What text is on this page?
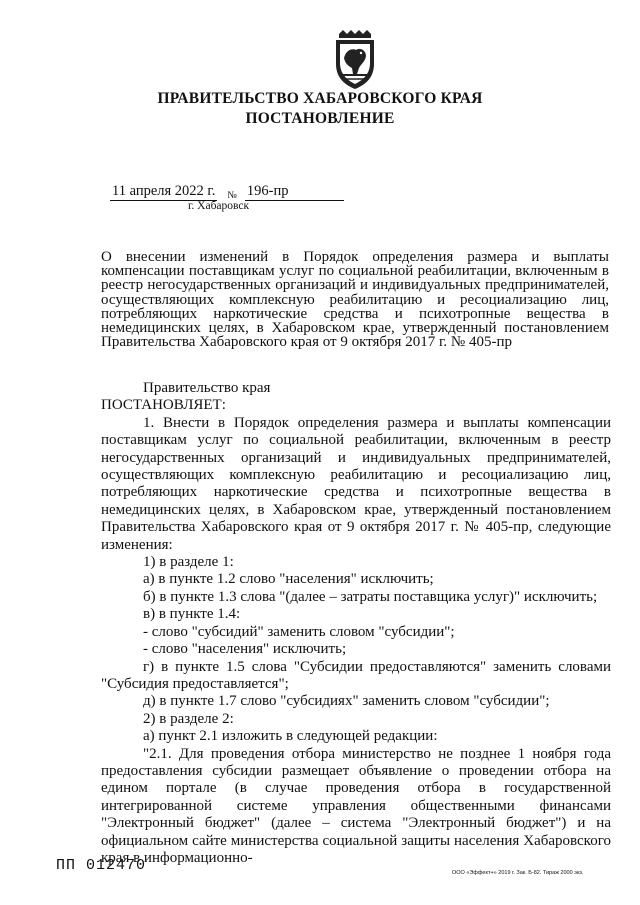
ПРАВИТЕЛЬСТВО ХАБАРОВСКОГО КРАЯ
ПОСТАНОВЛЕНИЕ
11 апреля 2022 г. $_№$ 196-пр
г. Хабаровск
О внесении изменений в Порядок определения размера и выплаты компенсации поставщикам услуг по социальной реабилитации, включенным в реестр негосударственных организаций и индивидуальных предпринимателей, осуществляющих комплексную реабилитацию и ресоциализацию лиц, потребляющих наркотические средства и психотропные вещества в немедицинских целях, в Хабаровском крае, утвержденный постановлением Правительства Хабаровского края от 9 октября 2017 г. № 405-пр

Правительство края

ПОСТАНОВЛЯЕТ:

1. Внести в Порядок определения размера и выплаты компенсации поставщикам услуг по социальной реабилитации, включенным в реестр негосударственных организаций и индивидуальных предпринимателей, осуществляющих комплексную реабилитацию и ресоциализацию лиц, потребляющих наркотические средства и психотропные вещества в немедицинских целях, в Хабаровском крае, утвержденный постановлением Правительства Хабаровского края от 9 октября 2017 г. № 405-пр, следующие изменения:

1) в разделе 1:

а) в пункте 1.2 слово "населения" исключить;

б) в пункте 1.3 слова "(далее – затраты поставщика услуг)" исключить;

в) в пункте 1.4:

- слово "субсидий" заменить словом "субсидии";

- слово "населения" исключить;

г) в пункте 1.5 слова "Субсидии предоставляются" заменить словами "Субсидия предоставляется";

д) в пункте 1.7 слово "субсидиях" заменить словом "субсидии";

2) в разделе 2:

а) пункт 2.1 изложить в следующей редакции:

"2.1. Для проведения отбора министерство не позднее 1 ноября года предоставления субсидии размещает объявление о проведении отбора на едином портале (в случае проведения отбора в государственной интегрированной системе управления общественными финансами "Электронный бюджет" (далее – система "Электронный бюджет") и на официальном сайте министерства социальной защиты населения Хабаровского края в информационно-

ПП 012470	ООО «Эффект+» 2019 г. Зак. Б-82. Тираж 2000 экз.
